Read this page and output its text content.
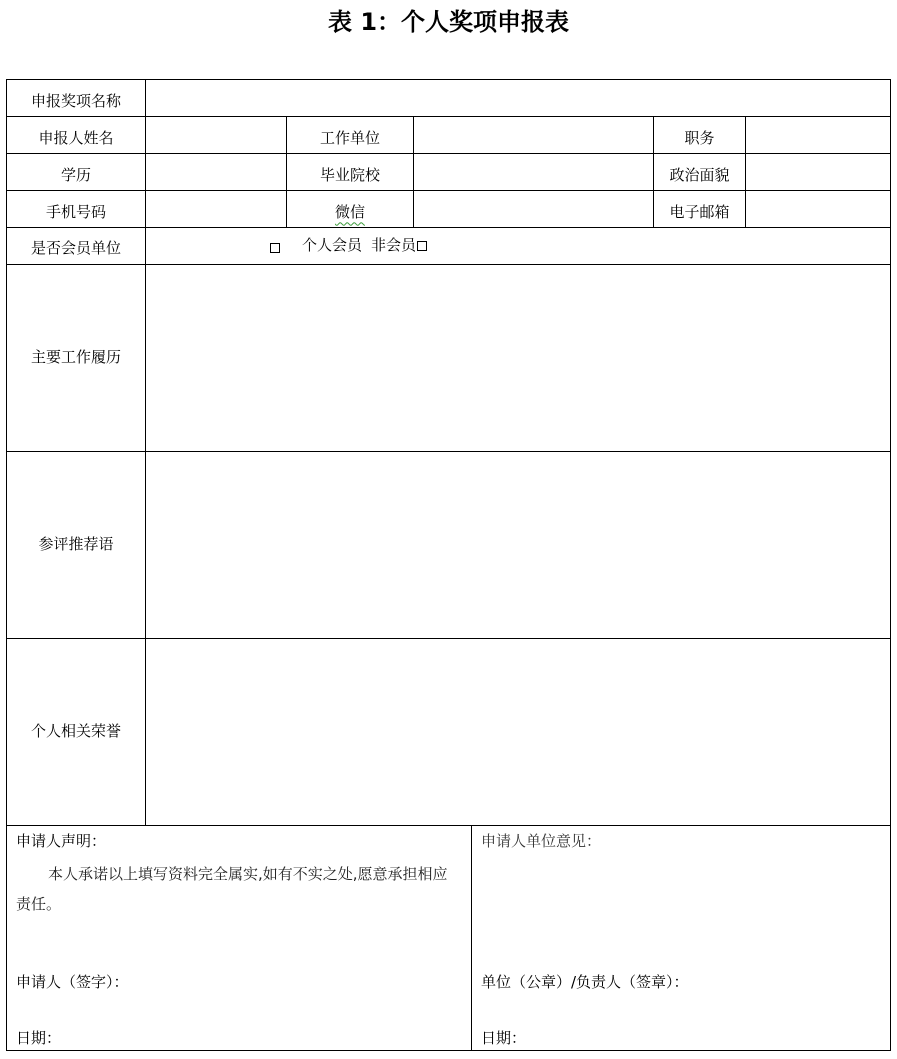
表 1：个人奖项申报表
申报奖项名称
申报人姓名	工作单位	职务
学历	毕业院校	政治面貌
手机号码	微信	电子邮箱
是否会员单位	个人会员 非会员
主要工作履历
参评推荐语
个人相关荣誉
申请人声明：
本人承诺以上填写资料完全属实,如有不实之处,愿意承担相应责任。
申请人（签字）：
日期：
申请人单位意见：
单位（公章）/负责人（签章）：
日期：
